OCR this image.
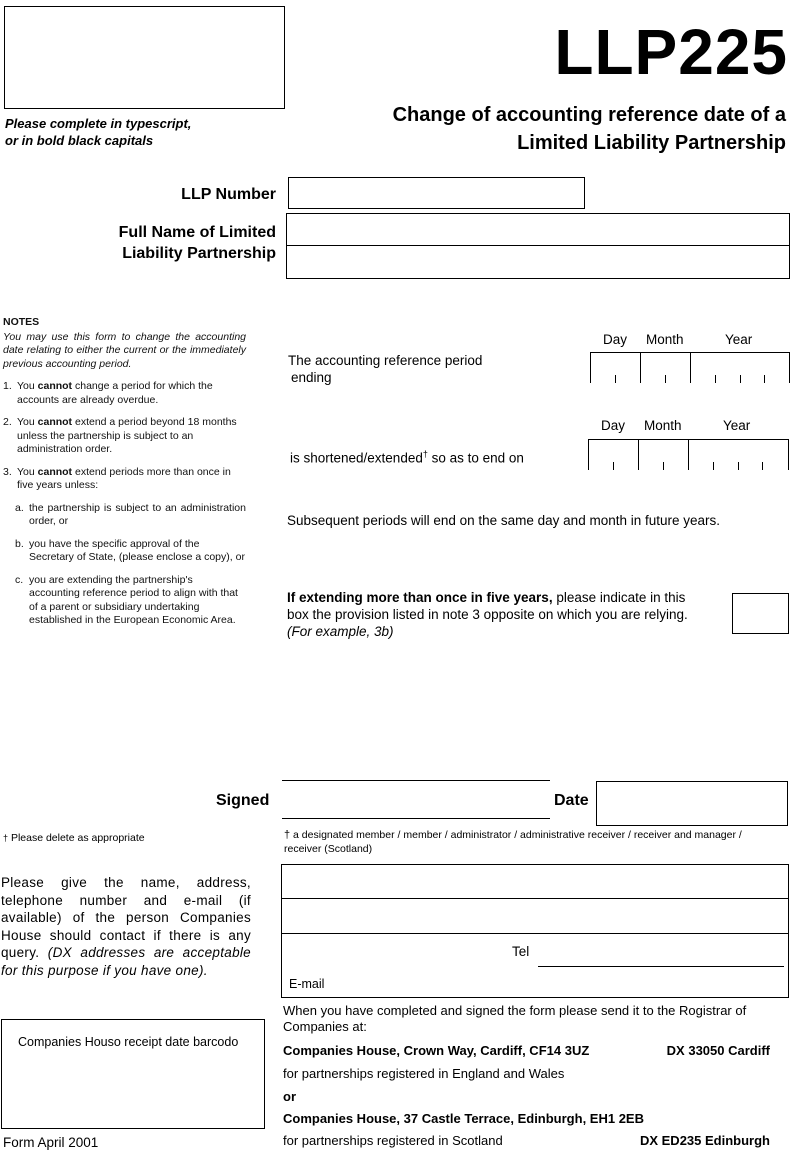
Please complete in typescript,
or in bold black capitals
LLP225
Change of accounting reference date of a
Limited Liability Partnership
LLP Number
Full Name of Limited
Liability Partnership
NOTES
You may use this form to change the accounting date relating to either the current or the immediately previous accounting period.
1. You cannot change a period for which the accounts are already overdue.
2. You cannot extend a period beyond 18 months unless the partnership is subject to an administration order.
3. You cannot extend periods more than once in five years unless:
a. the partnership is subject to an administration order, or
b. you have the specific approval of the Secretary of State, (please enclose a copy), or
c. you are extending the partnership's accounting reference period to align with that of a parent or subsidiary undertaking established in the European Economic Area.
Day Month	Year
The accounting reference period
ending
Day Month	Year
is shortened/extended† so as to end on
Subsequent periods will end on the same day and month in future years.
If extending more than once in five years, please indicate in this box the provision listed in note 3 opposite on which you are relying. (For example, 3b)
Signed	Date
† Please delete as appropriate	† a designated member / member / administrator / administrative receiver / receiver and manager / receiver (Scotland)
Please give the name, address, telephone number and e-mail (if available) of the person Companies House should contact if there is any query. (DX addresses are acceptable for this purpose if you have one).
Tel
E-mail
Companies Houso receipt date barcodo
When you have completed and signed the form please send it to the Rogistrar of Companies at:
Companies House, Crown Way, Cardiff, CF14 3UZ	DX 33050 Cardiff
for partnerships registered in England and Wales
or
Companies House, 37 Castle Terrace, Edinburgh, EH1 2EB
for partnerships registered in Scotland	DX ED235 Edinburgh
Form April 2001
